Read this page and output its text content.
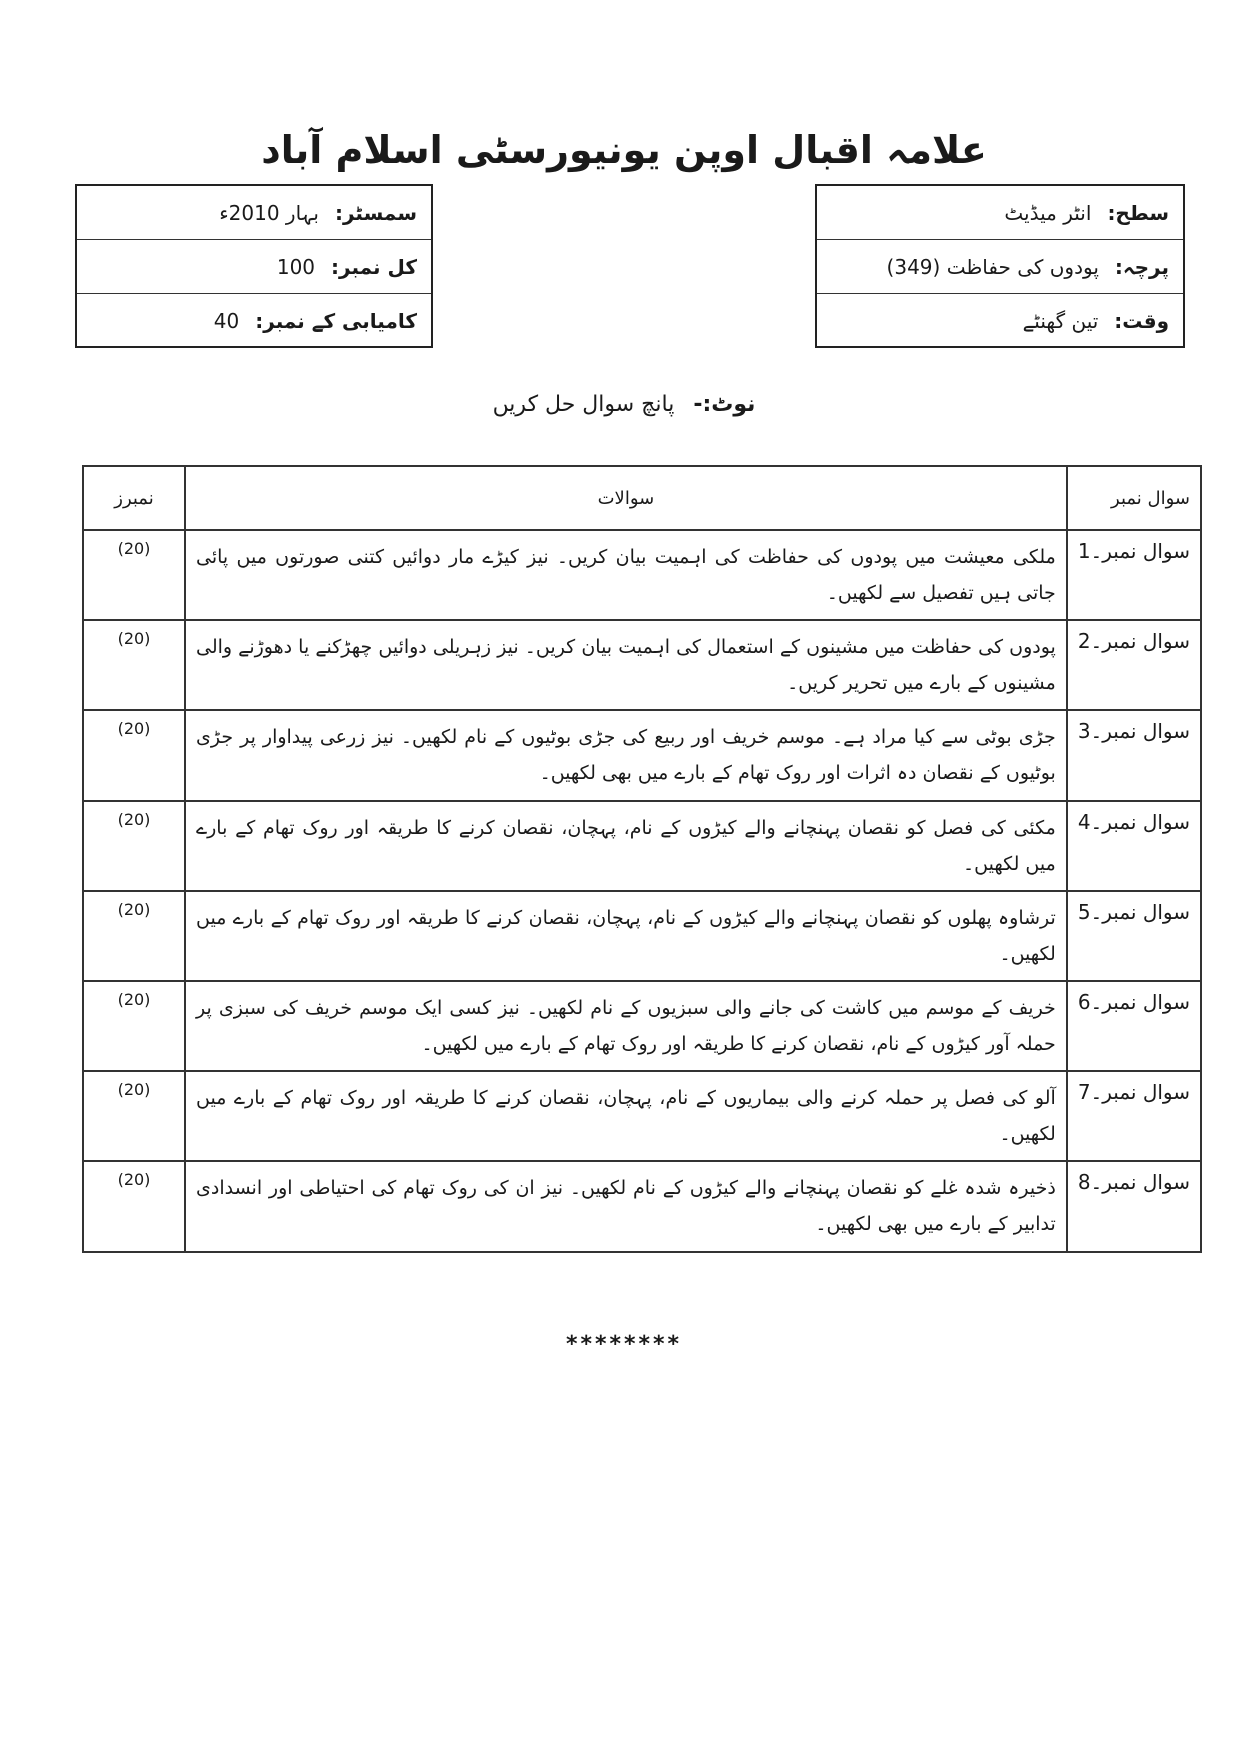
علامہ اقبال اوپن یونیورسٹی اسلام آباد
سطح:
انٹر میڈیٹ
پرچہ:
پودوں کی حفاظت (349)
وقت:
تین گھنٹے
سمسٹر:
بہار 2010ء
کل نمبر:
100
کامیابی کے نمبر:
40
نوٹ:- پانچ سوال حل کریں
سوال نمبر	سوالات	نمبرز
سوال نمبر۔1	ملکی معیشت میں پودوں کی حفاظت کی اہمیت بیان کریں۔ نیز کیڑے مار دوائیں کتنی صورتوں میں پائی جاتی ہیں تفصیل سے لکھیں۔	(20)
سوال نمبر۔2	پودوں کی حفاظت میں مشینوں کے استعمال کی اہمیت بیان کریں۔ نیز زہریلی دوائیں چھڑکنے یا دھوڑنے والی مشینوں کے بارے میں تحریر کریں۔	(20)
سوال نمبر۔3	جڑی بوٹی سے کیا مراد ہے۔ موسم خریف اور ربیع کی جڑی بوٹیوں کے نام لکھیں۔ نیز زرعی پیداوار پر جڑی بوٹیوں کے نقصان دہ اثرات اور روک تھام کے بارے میں بھی لکھیں۔	(20)
سوال نمبر۔4	مکئی کی فصل کو نقصان پہنچانے والے کیڑوں کے نام، پہچان، نقصان کرنے کا طریقہ اور روک تھام کے بارے میں لکھیں۔	(20)
سوال نمبر۔5	ترشاوہ پھلوں کو نقصان پہنچانے والے کیڑوں کے نام، پہچان، نقصان کرنے کا طریقہ اور روک تھام کے بارے میں لکھیں۔	(20)
سوال نمبر۔6	خریف کے موسم میں کاشت کی جانے والی سبزیوں کے نام لکھیں۔ نیز کسی ایک موسم خریف کی سبزی پر حملہ آور کیڑوں کے نام، نقصان کرنے کا طریقہ اور روک تھام کے بارے میں لکھیں۔	(20)
سوال نمبر۔7	آلو کی فصل پر حملہ کرنے والی بیماریوں کے نام، پہچان، نقصان کرنے کا طریقہ اور روک تھام کے بارے میں لکھیں۔	(20)
سوال نمبر۔8	ذخیرہ شدہ غلے کو نقصان پہنچانے والے کیڑوں کے نام لکھیں۔ نیز ان کی روک تھام کی احتیاطی اور انسدادی تدابیر کے بارے میں بھی لکھیں۔	(20)
********
